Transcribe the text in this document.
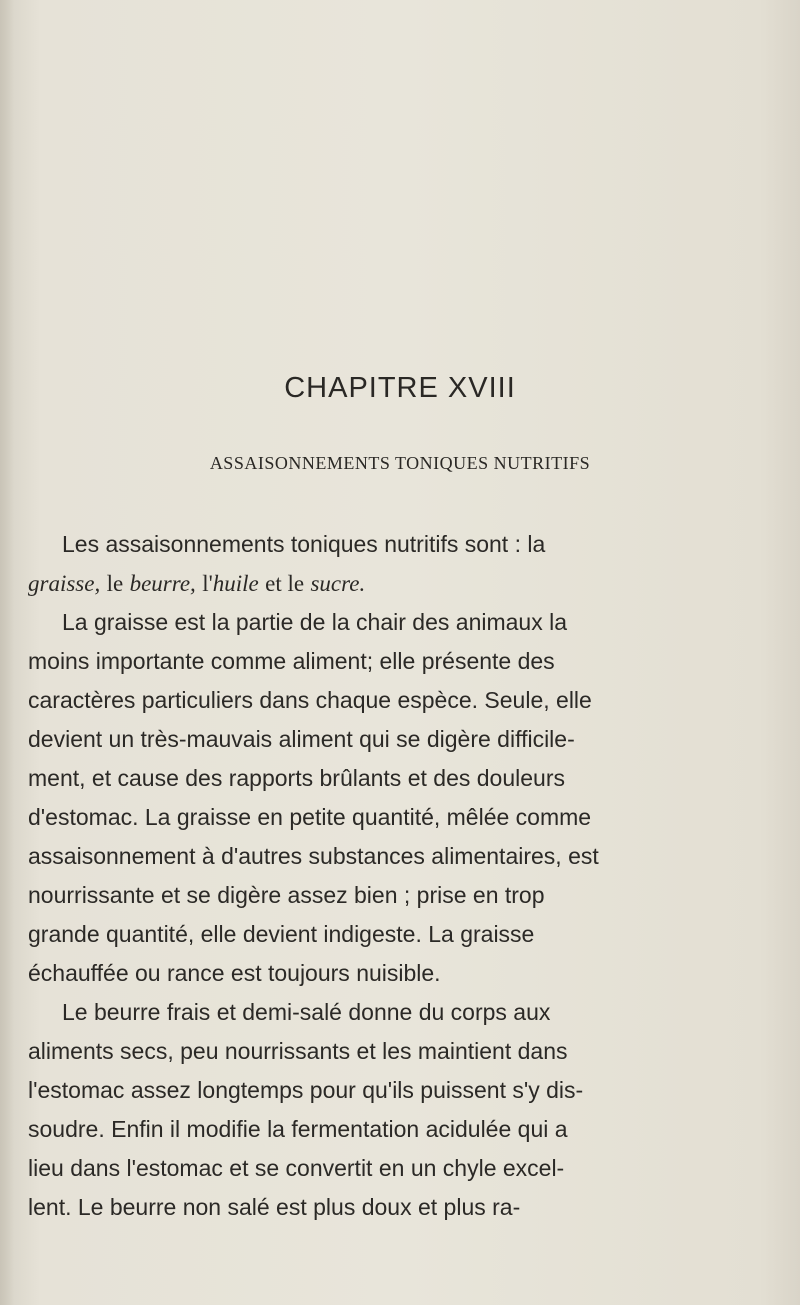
CHAPITRE XVIII
ASSAISONNEMENTS TONIQUES NUTRITIFS
Les assaisonnements toniques nutritifs sont : la
graisse, le beurre, l'huile et le sucre.
La graisse est la partie de la chair des animaux la
moins importante comme aliment; elle présente des
caractères particuliers dans chaque espèce. Seule, elle
devient un très-mauvais aliment qui se digère difficile-
ment, et cause des rapports brûlants et des douleurs
d'estomac. La graisse en petite quantité, mêlée comme
assaisonnement à d'autres substances alimentaires, est
nourrissante et se digère assez bien ; prise en trop
grande quantité, elle devient indigeste. La graisse
échauffée ou rance est toujours nuisible.
Le beurre frais et demi-salé donne du corps aux
aliments secs, peu nourrissants et les maintient dans
l'estomac assez longtemps pour qu'ils puissent s'y dis-
soudre. Enfin il modifie la fermentation acidulée qui a
lieu dans l'estomac et se convertit en un chyle excel-
lent. Le beurre non salé est plus doux et plus ra-
